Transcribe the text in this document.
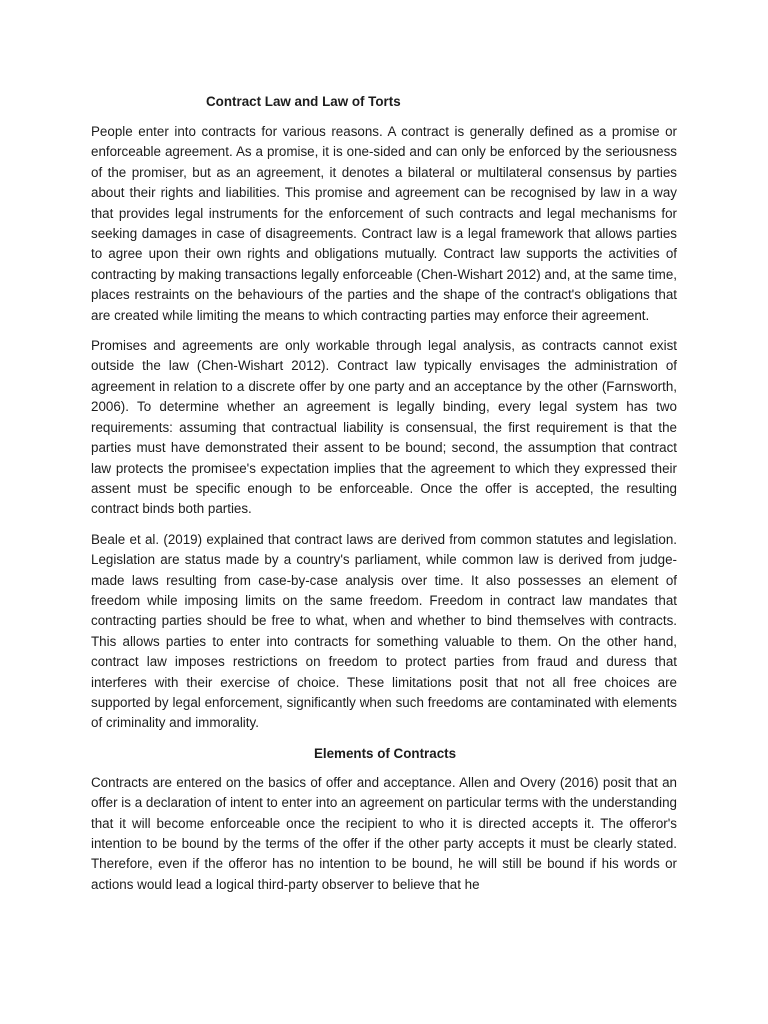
Contract Law and Law of Torts

People enter into contracts for various reasons. A contract is generally defined as a promise or enforceable agreement. As a promise, it is one-sided and can only be enforced by the seriousness of the promiser, but as an agreement, it denotes a bilateral or multilateral consensus by parties about their rights and liabilities. This promise and agreement can be recognised by law in a way that provides legal instruments for the enforcement of such contracts and legal mechanisms for seeking damages in case of disagreements. Contract law is a legal framework that allows parties to agree upon their own rights and obligations mutually. Contract law supports the activities of contracting by making transactions legally enforceable (Chen-Wishart 2012) and, at the same time, places restraints on the behaviours of the parties and the shape of the contract's obligations that are created while limiting the means to which contracting parties may enforce their agreement.

Promises and agreements are only workable through legal analysis, as contracts cannot exist outside the law (Chen-Wishart 2012). Contract law typically envisages the administration of agreement in relation to a discrete offer by one party and an acceptance by the other (Farnsworth, 2006). To determine whether an agreement is legally binding, every legal system has two requirements: assuming that contractual liability is consensual, the first requirement is that the parties must have demonstrated their assent to be bound; second, the assumption that contract law protects the promisee's expectation implies that the agreement to which they expressed their assent must be specific enough to be enforceable. Once the offer is accepted, the resulting contract binds both parties.

Beale et al. (2019) explained that contract laws are derived from common statutes and legislation. Legislation are status made by a country's parliament, while common law is derived from judge-made laws resulting from case-by-case analysis over time. It also possesses an element of freedom while imposing limits on the same freedom. Freedom in contract law mandates that contracting parties should be free to what, when and whether to bind themselves with contracts. This allows parties to enter into contracts for something valuable to them. On the other hand, contract law imposes restrictions on freedom to protect parties from fraud and duress that interferes with their exercise of choice. These limitations posit that not all free choices are supported by legal enforcement, significantly when such freedoms are contaminated with elements of criminality and immorality.

Elements of Contracts

Contracts are entered on the basics of offer and acceptance. Allen and Overy (2016) posit that an offer is a declaration of intent to enter into an agreement on particular terms with the understanding that it will become enforceable once the recipient to who it is directed accepts it. The offeror's intention to be bound by the terms of the offer if the other party accepts it must be clearly stated. Therefore, even if the offeror has no intention to be bound, he will still be bound if his words or actions would lead a logical third-party observer to believe that he
